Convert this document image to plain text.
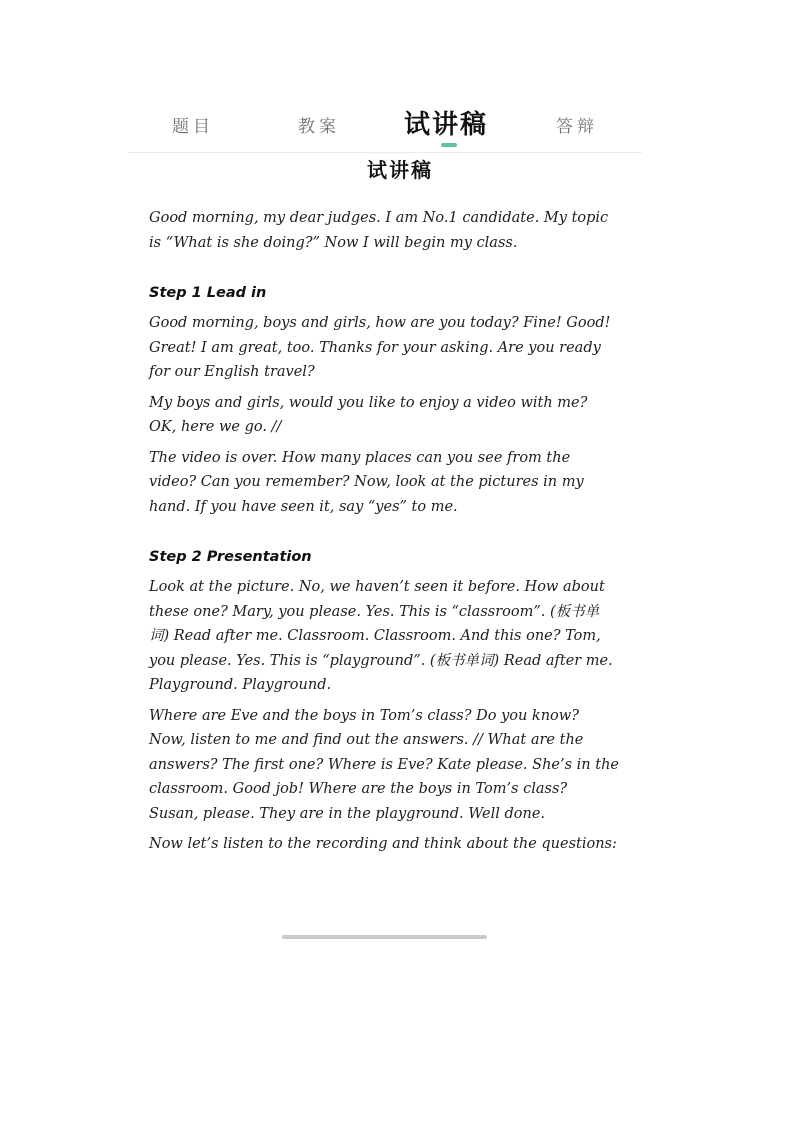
题目	教案 试讲稿	答辩
试讲稿

Good morning, my dear judges. I am No.1 candidate. My topic is “What is she doing?” Now I will begin my class.

Step 1 Lead in

Good morning, boys and girls, how are you today? Fine! Good! Great! I am great, too. Thanks for your asking. Are you ready for our English travel?

My boys and girls, would you like to enjoy a video with me? OK, here we go. //

The video is over. How many places can you see from the video? Can you remember? Now, look at the pictures in my hand. If you have seen it, say “yes” to me.

Step 2 Presentation

Look at the picture. No, we haven’t seen it before. How about these one? Mary, you please. Yes. This is “classroom”. (板书单词) Read after me. Classroom. Classroom. And this one? Tom, you please. Yes. This is “playground”. (板书单词) Read after me. Playground. Playground.

Where are Eve and the boys in Tom’s class? Do you know? Now, listen to me and find out the answers. // What are the answers? The first one? Where is Eve? Kate please. She’s in the classroom. Good job! Where are the boys in Tom’s class? Susan, please. They are in the playground. Well done.

Now let’s listen to the recording and think about the questions:
